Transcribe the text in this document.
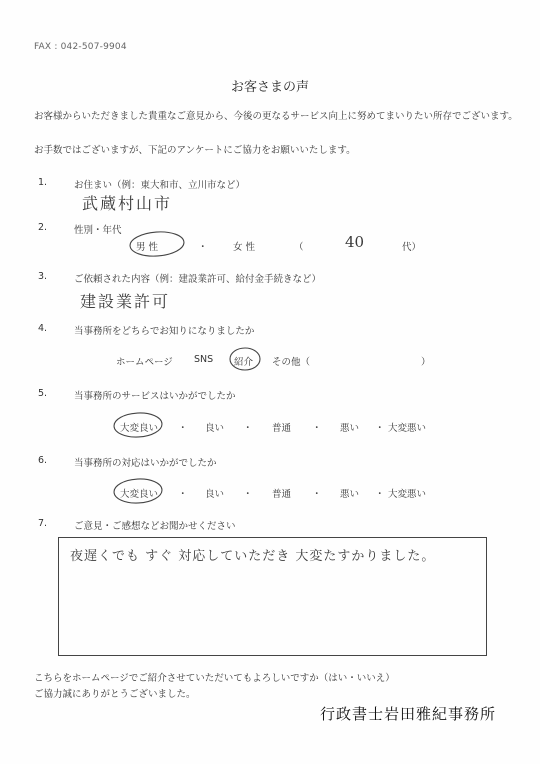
FAX : 042-507-9904
お客さまの声
お客様からいただきました貴重なご意見から、今後の更なるサービス向上に努めてまいりたい所存でございます。
お手数ではございますが、下記のアンケートにご協力をお願いいたします。
1.	お住まい（例：東大和市、立川市など）
武蔵村山市
2.	性別・年代
男 性	・	女 性	（	40	代）
3.	ご依頼された内容（例：建設業許可、給付金手続きなど）
建設業許可
4.	当事務所をどちらでお知りになりましたか
ホームページ SNS 紹介 その他（	）
5.	当事務所のサービスはいかがでしたか
大変良い ・ 良い ・ 普通 ・ 悪い ・ 大変悪い
6.	当事務所の対応はいかがでしたか
大変良い ・ 良い ・ 普通 ・ 悪い ・ 大変悪い
7.	ご意見・ご感想などお聞かせください
夜遅くでも すぐ 対応していただき 大変たすかりました。
こちらをホームページでご紹介させていただいてもよろしいですか（はい・いいえ）
ご協力誠にありがとうございました。
行政書士岩田雅紀事務所
